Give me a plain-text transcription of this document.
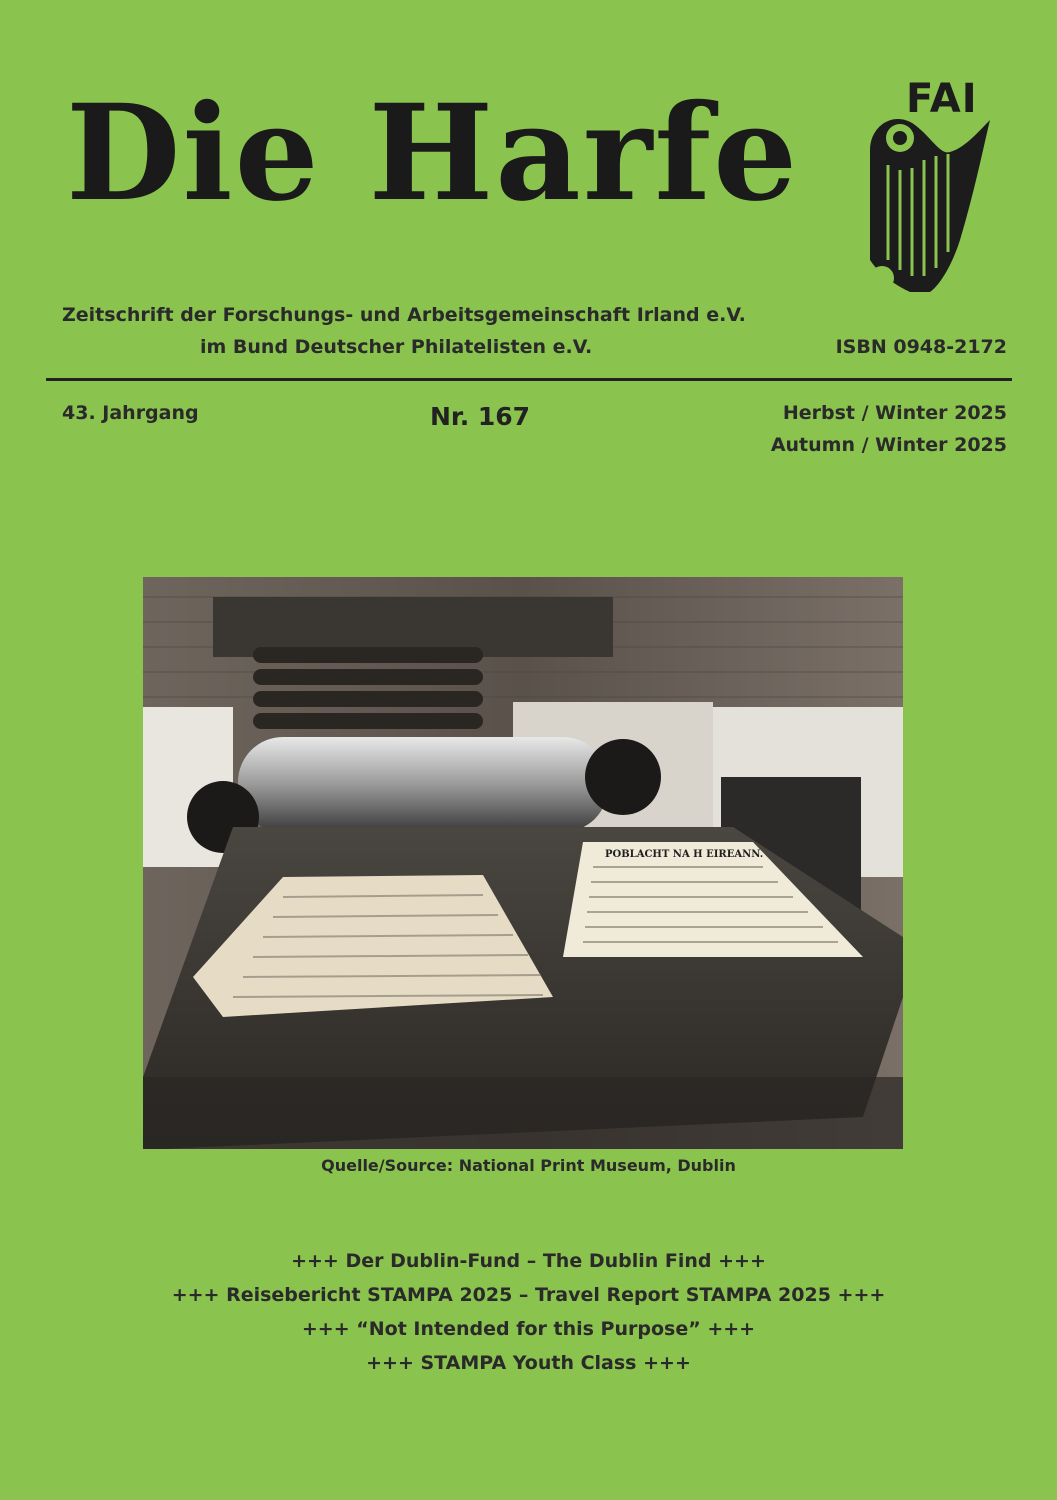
Die Harfe	FAI
Zeitschrift der Forschungs- und Arbeitsgemeinschaft Irland e.V.
im Bund Deutscher Philatelisten e.V.	ISBN 0948-2172
43. Jahrgang	Nr. 167	Herbst / Winter 2025
Autumn / Winter 2025
POBLACHT NA H EIREANN.
Quelle/Source: National Print Museum, Dublin
+++ Der Dublin-Fund – The Dublin Find +++
+++ Reisebericht STAMPA 2025 – Travel Report STAMPA 2025 +++
+++ “Not Intended for this Purpose” +++
+++ STAMPA Youth Class +++
